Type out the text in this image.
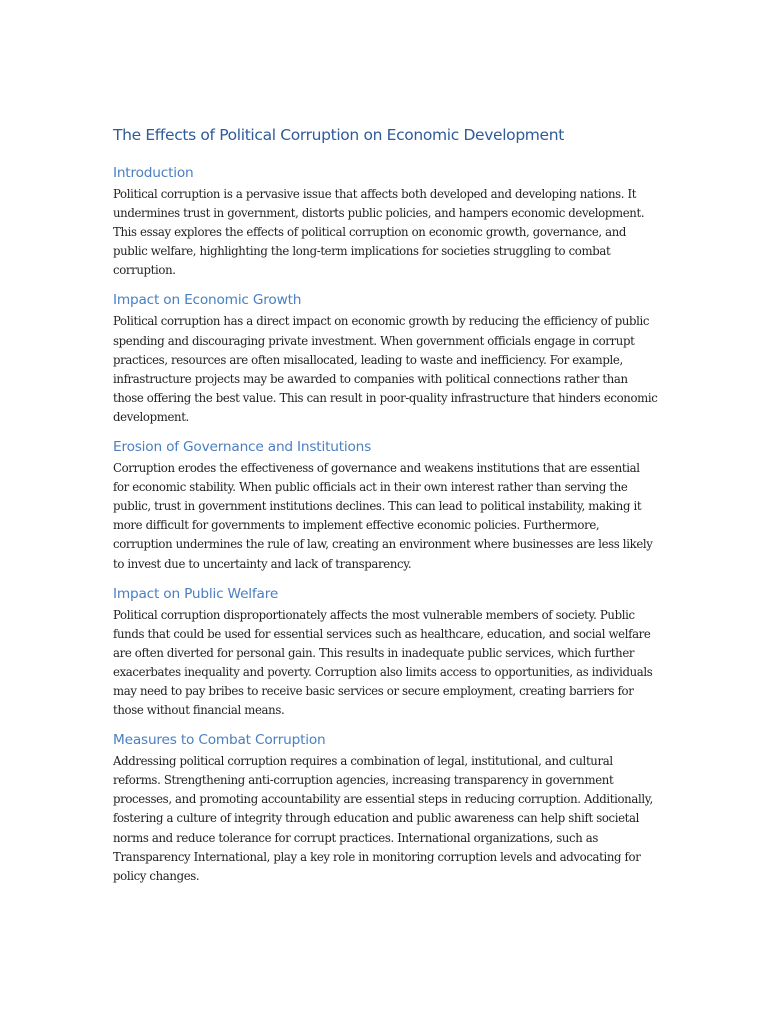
The Effects of Political Corruption on Economic Development
Introduction

Political corruption is a pervasive issue that affects both developed and developing nations. It undermines trust in government, distorts public policies, and hampers economic development. This essay explores the effects of political corruption on economic growth, governance, and public welfare, highlighting the long-term implications for societies struggling to combat corruption.

Impact on Economic Growth

Political corruption has a direct impact on economic growth by reducing the efficiency of public spending and discouraging private investment. When government officials engage in corrupt practices, resources are often misallocated, leading to waste and inefficiency. For example, infrastructure projects may be awarded to companies with political connections rather than those offering the best value. This can result in poor-quality infrastructure that hinders economic development.

Erosion of Governance and Institutions

Corruption erodes the effectiveness of governance and weakens institutions that are essential for economic stability. When public officials act in their own interest rather than serving the public, trust in government institutions declines. This can lead to political instability, making it more difficult for governments to implement effective economic policies. Furthermore, corruption undermines the rule of law, creating an environment where businesses are less likely to invest due to uncertainty and lack of transparency.

Impact on Public Welfare

Political corruption disproportionately affects the most vulnerable members of society. Public funds that could be used for essential services such as healthcare, education, and social welfare are often diverted for personal gain. This results in inadequate public services, which further exacerbates inequality and poverty. Corruption also limits access to opportunities, as individuals may need to pay bribes to receive basic services or secure employment, creating barriers for those without financial means.

Measures to Combat Corruption

Addressing political corruption requires a combination of legal, institutional, and cultural reforms. Strengthening anti-corruption agencies, increasing transparency in government processes, and promoting accountability are essential steps in reducing corruption. Additionally, fostering a culture of integrity through education and public awareness can help shift societal norms and reduce tolerance for corrupt practices. International organizations, such as Transparency International, play a key role in monitoring corruption levels and advocating for policy changes.
